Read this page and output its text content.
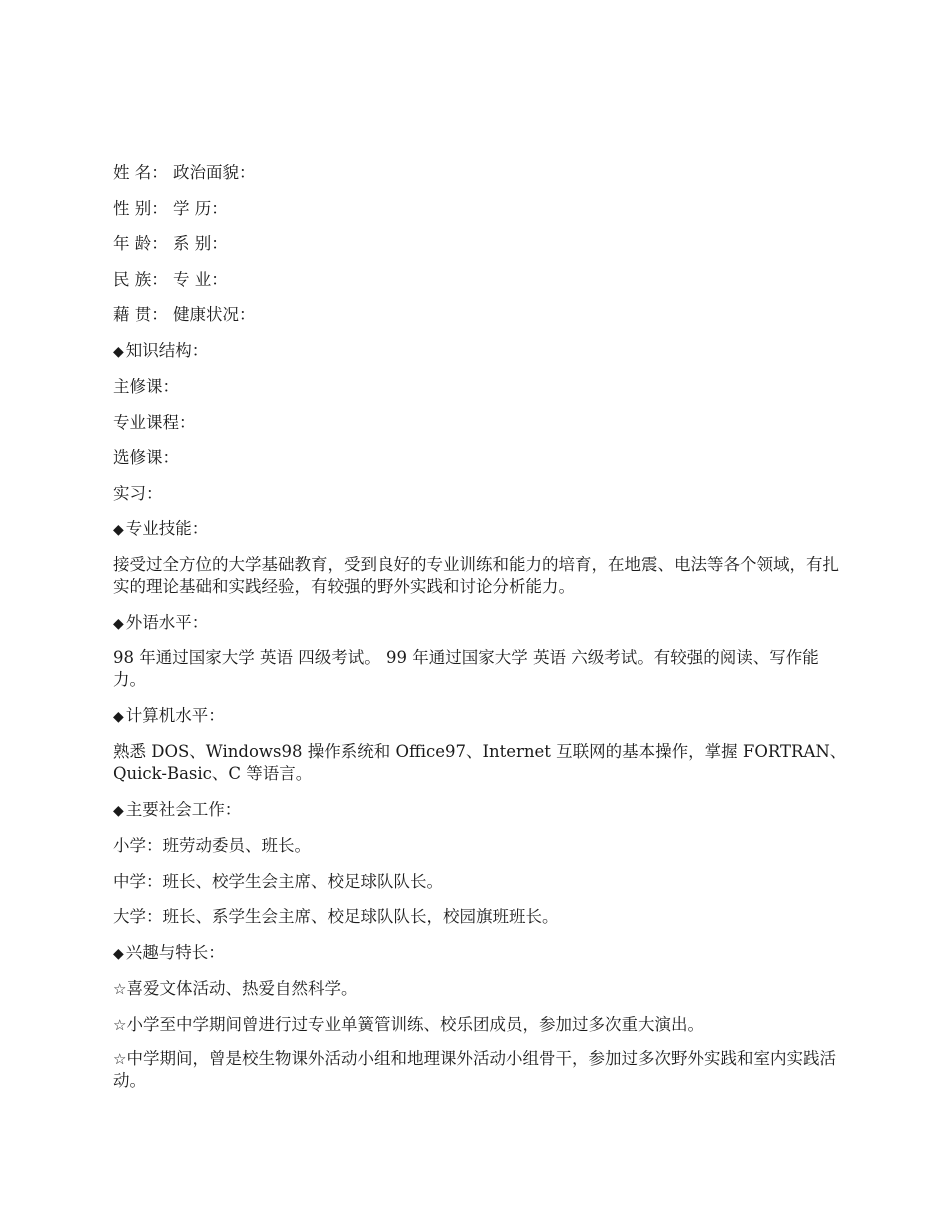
姓 名： 政治面貌：

性 别： 学 历：

年 龄： 系 别：

民 族： 专 业：

藉 贯： 健康状况：

◆ 知识结构：

主修课：

专业课程：

选修课：

实习：

◆ 专业技能：

接受过全方位的大学基础教育，受到良好的专业训练和能力的培育，在地震、电法等各个领域，有扎实的理论基础和实践经验，有较强的野外实践和讨论分析能力。

◆ 外语水平：

98 年通过国家大学 英语 四级考试。 99 年通过国家大学 英语 六级考试。有较强的阅读、写作能力。

◆ 计算机水平：

熟悉 DOS、Windows98 操作系统和 Office97、Internet 互联网的基本操作，掌握 FORTRAN、Quick-Basic、C 等语言。

◆ 主要社会工作：

小学：班劳动委员、班长。

中学：班长、校学生会主席、校足球队队长。

大学：班长、系学生会主席、校足球队队长，校园旗班班长。

◆ 兴趣与特长：

☆喜爱文体活动、热爱自然科学。

☆小学至中学期间曾进行过专业单簧管训练、校乐团成员，参加过多次重大演出。

☆中学期间，曾是校生物课外活动小组和地理课外活动小组骨干，参加过多次野外实践和室内实践活动。
